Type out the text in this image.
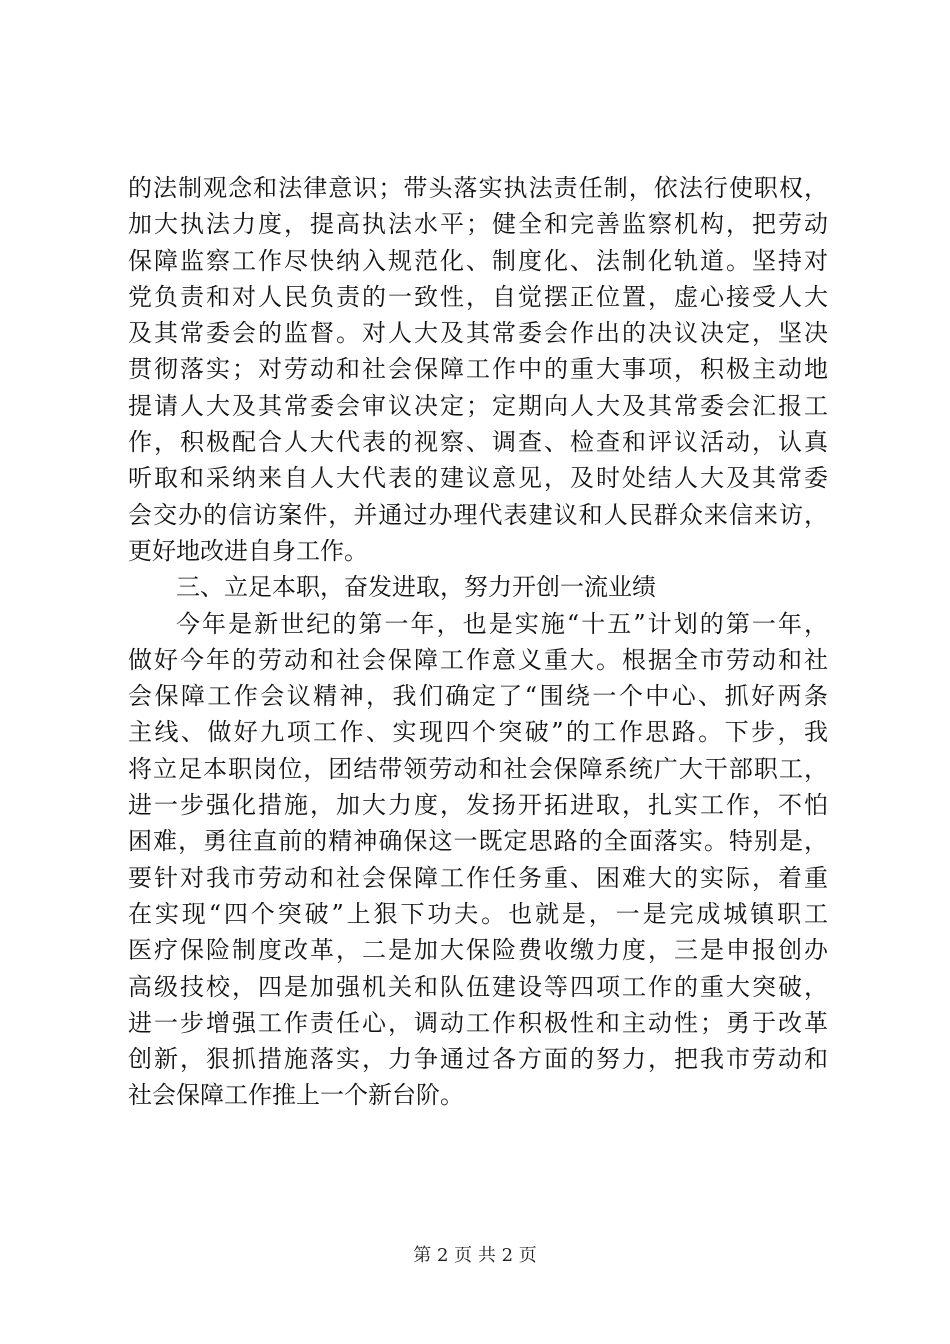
的法制观念和法律意识；带头落实执法责任制，依法行使职权，
加大执法力度，提高执法水平；健全和完善监察机构，把劳动
保障监察工作尽快纳入规范化、制度化、法制化轨道。坚持对
党负责和对人民负责的一致性，自觉摆正位置，虚心接受人大
及其常委会的监督。对人大及其常委会作出的决议决定，坚决
贯彻落实；对劳动和社会保障工作中的重大事项，积极主动地
提请人大及其常委会审议决定；定期向人大及其常委会汇报工
作，积极配合人大代表的视察、调查、检查和评议活动，认真
听取和采纳来自人大代表的建议意见，及时处结人大及其常委
会交办的信访案件，并通过办理代表建议和人民群众来信来访，
更好地改进自身工作。
三、立足本职，奋发进取，努力开创一流业绩
今年是新世纪的第一年，也是实施“十五”计划的第一年，
做好今年的劳动和社会保障工作意义重大。根据全市劳动和社
会保障工作会议精神，我们确定了“围绕一个中心、抓好两条
主线、做好九项工作、实现四个突破”的工作思路。下步，我
将立足本职岗位，团结带领劳动和社会保障系统广大干部职工，
进一步强化措施，加大力度，发扬开拓进取，扎实工作，不怕
困难，勇往直前的精神确保这一既定思路的全面落实。特别是，
要针对我市劳动和社会保障工作任务重、困难大的实际，着重
在实现“四个突破”上狠下功夫。也就是，一是完成城镇职工
医疗保险制度改革，二是加大保险费收缴力度，三是申报创办
高级技校，四是加强机关和队伍建设等四项工作的重大突破，
进一步增强工作责任心，调动工作积极性和主动性；勇于改革
创新，狠抓措施落实，力争通过各方面的努力，把我市劳动和
社会保障工作推上一个新台阶。
第 2 页 共 2 页
